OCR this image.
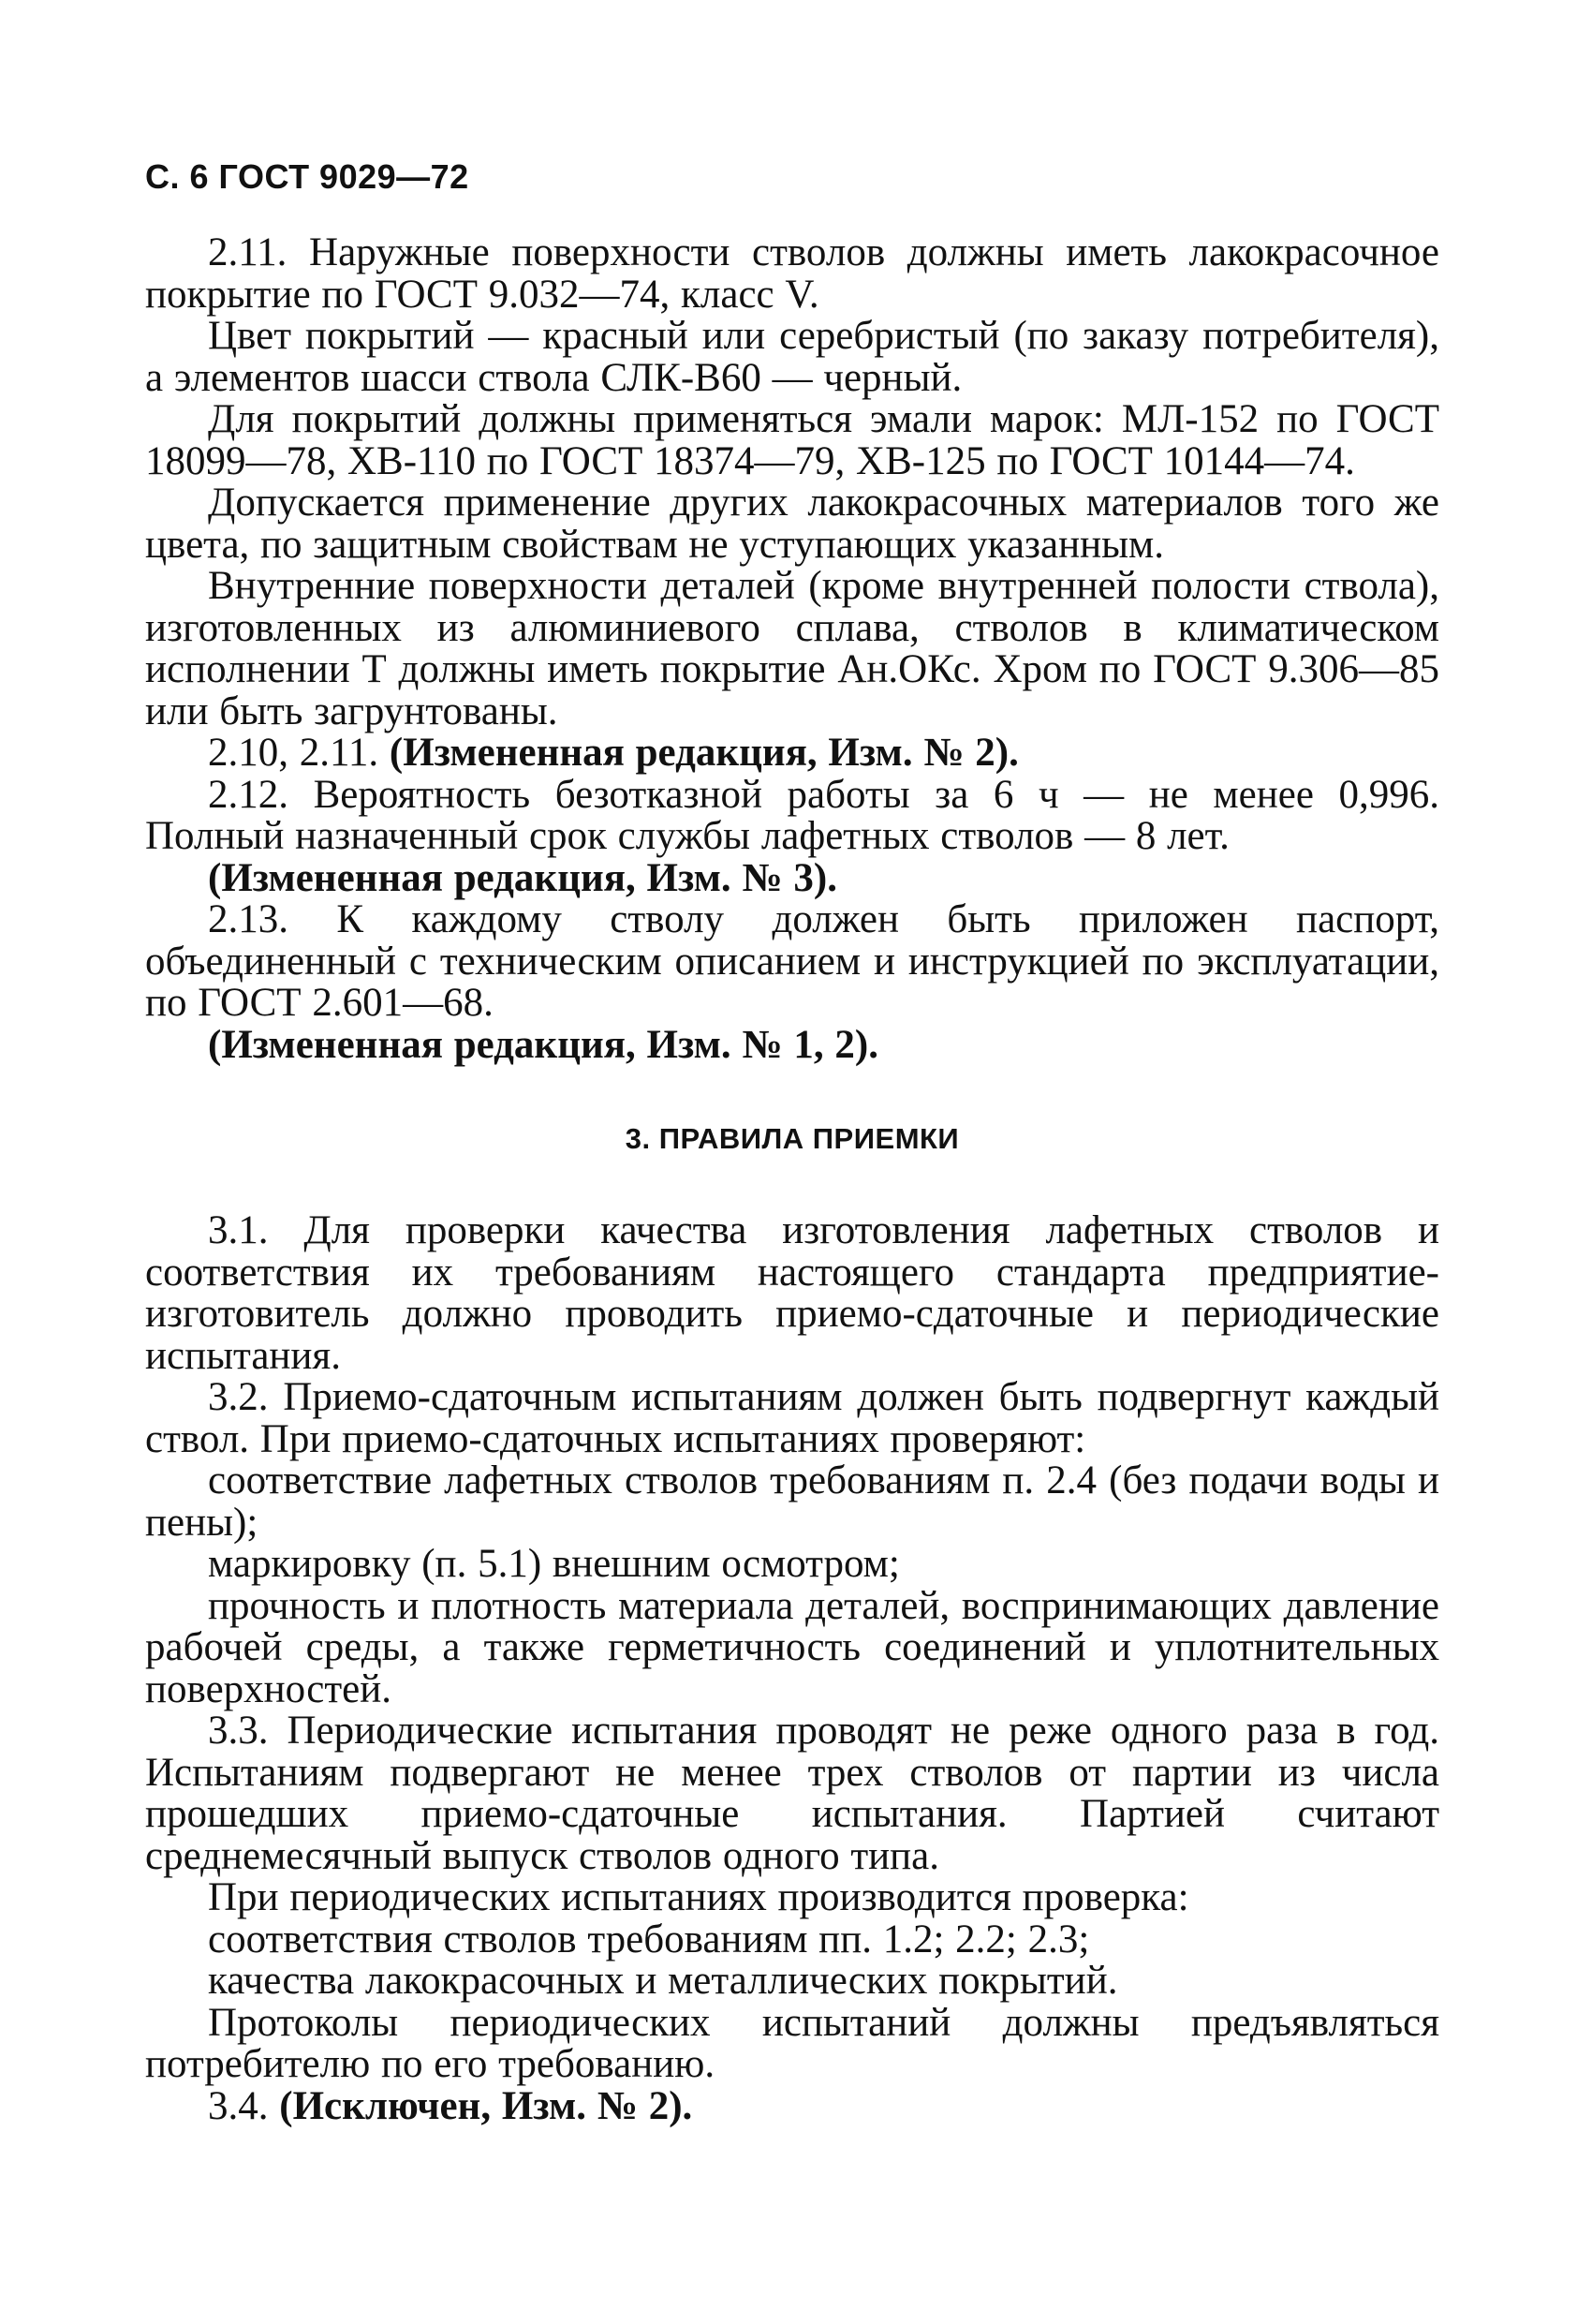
С. 6 ГОСТ 9029—72

2.11. Наружные поверхности стволов должны иметь лакокрасочное покрытие по ГОСТ 9.032—74, класс V.

Цвет покрытий — красный или серебристый (по заказу потребителя), а элементов шасси ствола СЛК-В60 — черный.

Для покрытий должны применяться эмали марок: МЛ-152 по ГОСТ 18099—78, ХВ-110 по ГОСТ 18374—79, ХВ-125 по ГОСТ 10144—74.

Допускается применение других лакокрасочных материалов того же цвета, по защитным свойствам не уступающих указанным.

Внутренние поверхности деталей (кроме внутренней полости ствола), изготовленных из алюминиевого сплава, стволов в климатическом исполнении Т должны иметь покрытие Ан.ОКс. Хром по ГОСТ 9.306—85 или быть загрунтованы.

2.10, 2.11. (Измененная редакция, Изм. № 2).

2.12. Вероятность безотказной работы за 6 ч — не менее 0,996. Полный назначенный срок службы лафетных стволов — 8 лет.

(Измененная редакция, Изм. № 3).

2.13. К каждому стволу должен быть приложен паспорт, объединенный с техническим описанием и инструкцией по эксплуатации, по ГОСТ 2.601—68.

(Измененная редакция, Изм. № 1, 2).

3. ПРАВИЛА ПРИЕМКИ

3.1. Для проверки качества изготовления лафетных стволов и соответствия их требованиям настоящего стандарта предприятие-изготовитель должно проводить приемо-сдаточные и периодические испытания.

3.2. Приемо-сдаточным испытаниям должен быть подвергнут каждый ствол. При приемо-сдаточных испытаниях проверяют:

соответствие лафетных стволов требованиям п. 2.4 (без подачи воды и пены);

маркировку (п. 5.1) внешним осмотром;

прочность и плотность материала деталей, воспринимающих давление рабочей среды, а также герметичность соединений и уплотнительных поверхностей.

3.3. Периодические испытания проводят не реже одного раза в год. Испытаниям подвергают не менее трех стволов от партии из числа прошедших приемо-сдаточные испытания. Партией считают среднемесячный выпуск стволов одного типа.

При периодических испытаниях производится проверка:

соответствия стволов требованиям пп. 1.2; 2.2; 2.3;

качества лакокрасочных и металлических покрытий.

Протоколы периодических испытаний должны предъявляться потребителю по его требованию.

3.4. (Исключен, Изм. № 2).
